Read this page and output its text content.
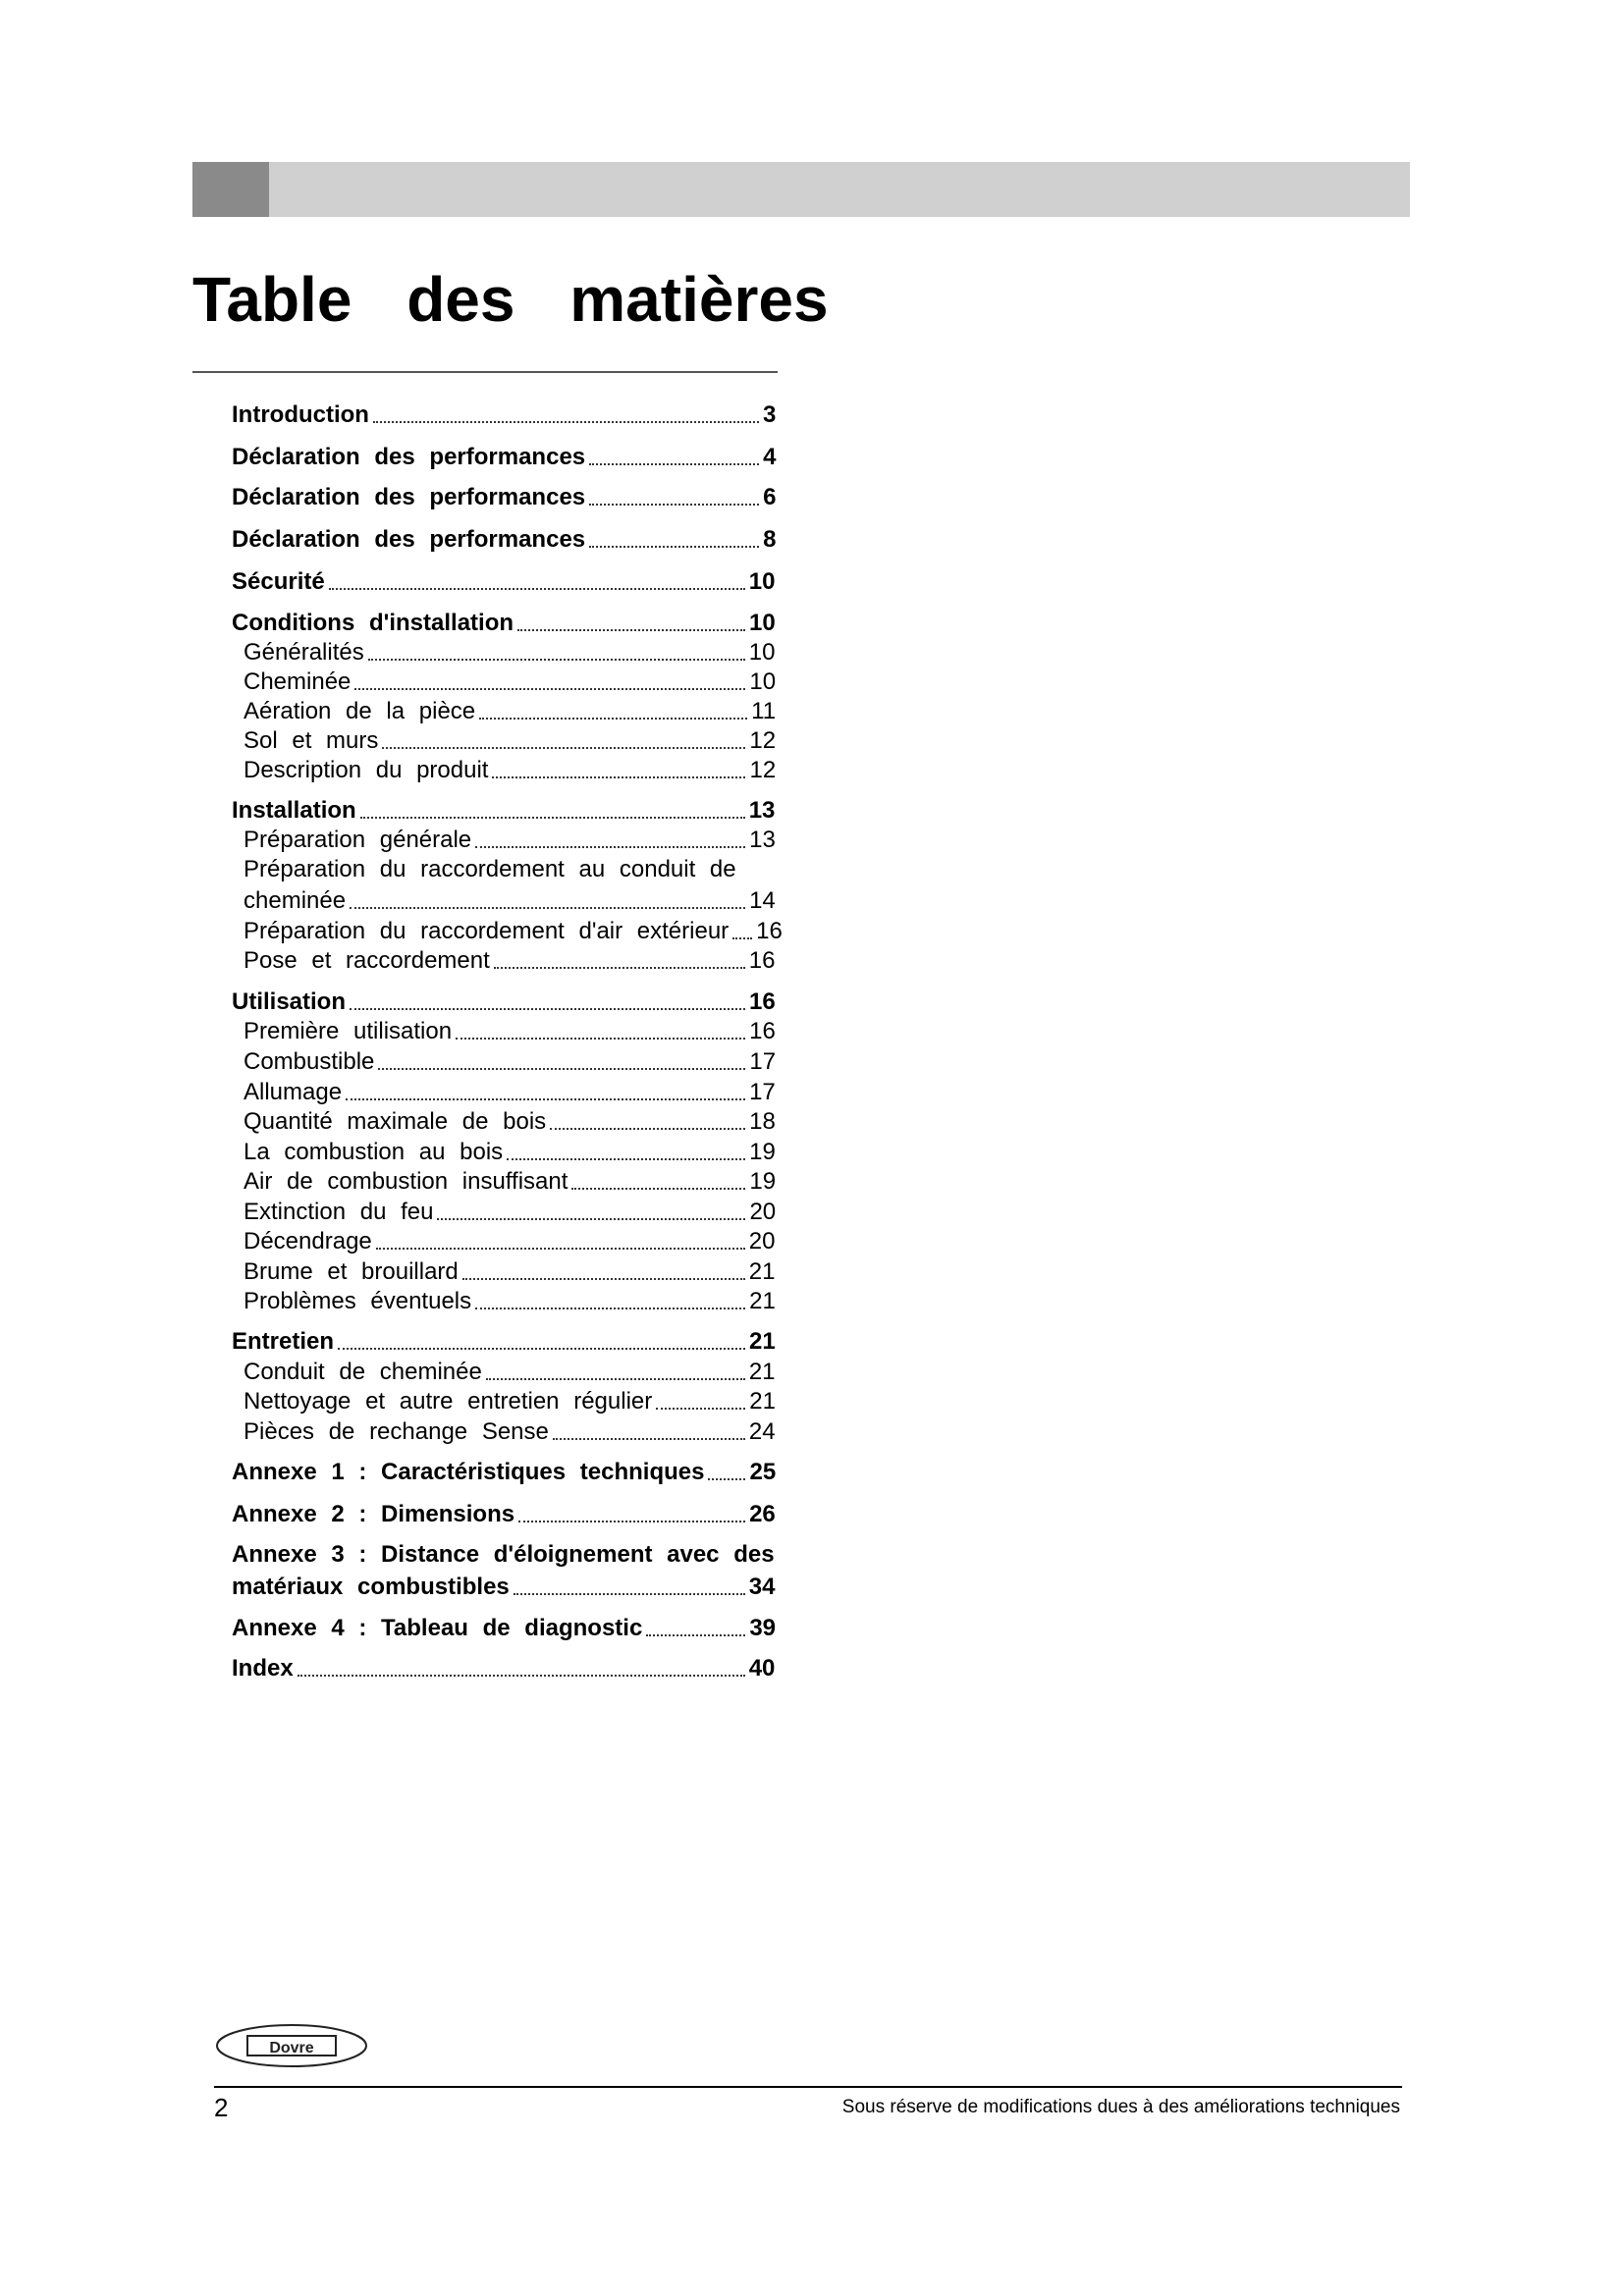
Table des matières
Introduction	3
Déclaration des performances	4
Déclaration des performances	6
Déclaration des performances	8
Sécurité	10
Conditions d'installation	10
Généralités	10
Cheminée	10
Aération de la pièce	11
Sol et murs	12
Description du produit	12
Installation	13
Préparation générale	13
Préparation du raccordement au conduit de
cheminée	14
Préparation du raccordement d'air extérieur 16
Pose et raccordement	16
Utilisation	16
Première utilisation	16
Combustible	17
Allumage	17
Quantité maximale de bois	18
La combustion au bois	19
Air de combustion insuffisant	19
Extinction du feu	20
Décendrage	20
Brume et brouillard	21
Problèmes éventuels	21
Entretien	21
Conduit de cheminée	21
Nettoyage et autre entretien régulier	21
Pièces de rechange Sense	24
Annexe 1 : Caractéristiques techniques 25
Annexe 2 : Dimensions	26
Annexe 3 : Distance d'éloignement avec des
matériaux combustibles	34
Annexe 4 : Tableau de diagnostic	39
Index	40
Dovre
2	Sous réserve de modifications dues à des améliorations techniques
